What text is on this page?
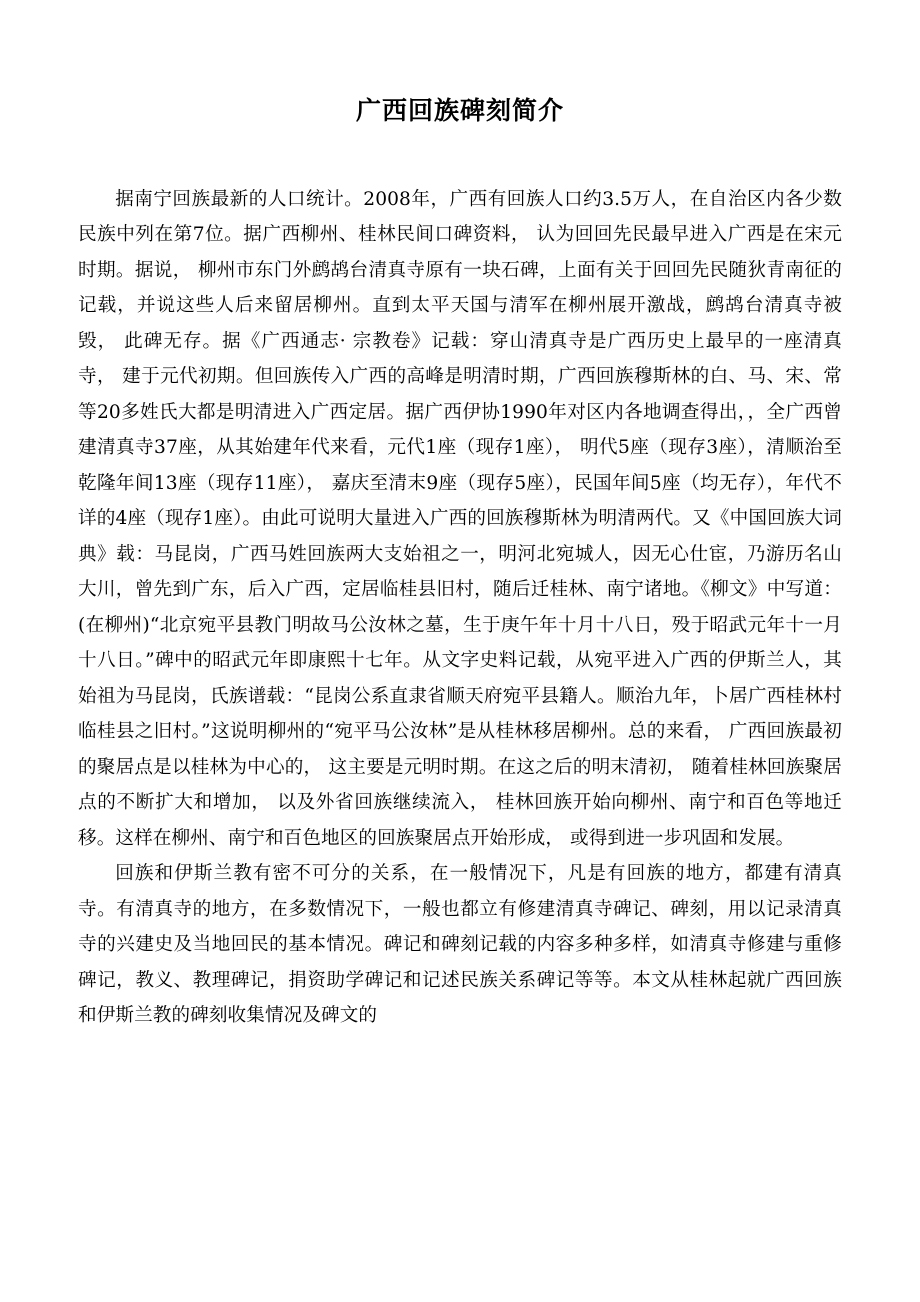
广西回族碑刻简介

据南宁回族最新的人口统计。2008年，广西有回族人口约3.5万人，在自治区内各少数民族中列在第7位。据广西柳州、桂林民间口碑资料， 认为回回先民最早进入广西是在宋元时期。据说， 柳州市东门外鹧鸪台清真寺原有一块石碑，上面有关于回回先民随狄青南征的记载，并说这些人后来留居柳州。直到太平天国与清军在柳州展开激战，鹧鸪台清真寺被毁， 此碑无存。据《广西通志· 宗教卷》记载：穿山清真寺是广西历史上最早的一座清真寺， 建于元代初期。但回族传入广西的高峰是明清时期，广西回族穆斯林的白、马、宋、常等20多姓氏大都是明清进入广西定居。据广西伊协1990年对区内各地调查得出，，全广西曾建清真寺37座，从其始建年代来看，元代1座（现存1座）， 明代5座（现存3座），清顺治至乾隆年间13座（现存11座）， 嘉庆至清末9座（现存5座），民国年间5座（均无存），年代不详的4座（现存1座）。由此可说明大量进入广西的回族穆斯林为明清两代。又《中国回族大词典》载：马昆岗，广西马姓回族两大支始祖之一，明河北宛城人，因无心仕宦，乃游历名山大川，曾先到广东，后入广西，定居临桂县旧村，随后迁桂林、南宁诸地。《柳文》中写道：(在柳州)“北京宛平县教门明故马公汝林之墓，生于庚午年十月十八日，殁于昭武元年十一月十八日。”碑中的昭武元年即康熙十七年。从文字史料记载，从宛平进入广西的伊斯兰人，其始祖为马昆岗，氏族谱载：“昆岗公系直隶省顺天府宛平县籍人。顺治九年，卜居广西桂林村临桂县之旧村。”这说明柳州的“宛平马公汝林”是从桂林移居柳州。总的来看， 广西回族最初的聚居点是以桂林为中心的， 这主要是元明时期。在这之后的明末清初， 随着桂林回族聚居点的不断扩大和增加， 以及外省回族继续流入， 桂林回族开始向柳州、南宁和百色等地迁移。这样在柳州、南宁和百色地区的回族聚居点开始形成， 或得到进一步巩固和发展。

回族和伊斯兰教有密不可分的关系，在一般情况下，凡是有回族的地方，都建有清真寺。有清真寺的地方，在多数情况下，一般也都立有修建清真寺碑记、碑刻，用以记录清真寺的兴建史及当地回民的基本情况。碑记和碑刻记载的内容多种多样，如清真寺修建与重修碑记，教义、教理碑记，捐资助学碑记和记述民族关系碑记等等。本文从桂林起就广西回族和伊斯兰教的碑刻收集情况及碑文的
